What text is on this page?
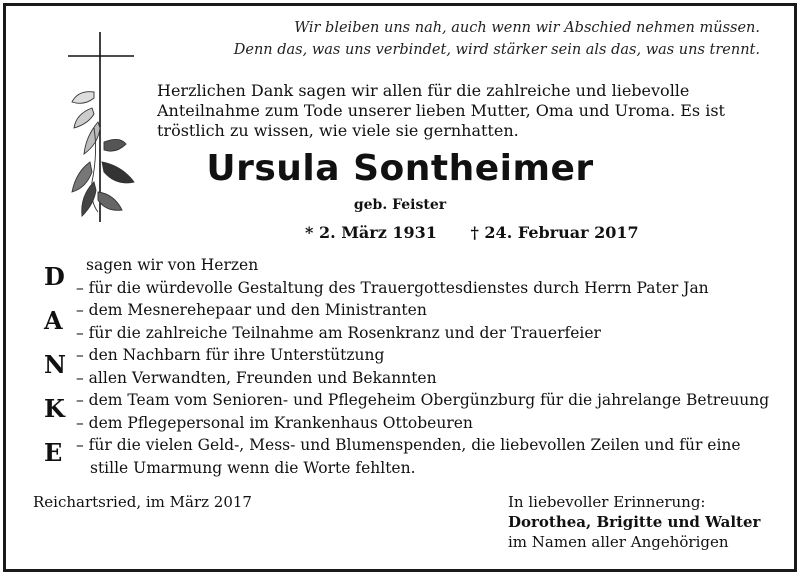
Wir bleiben uns nah, auch wenn wir Abschied nehmen müssen.
Denn das, was uns verbindet, wird stärker sein als das, was uns trennt.
Herzlichen Dank sagen wir allen für die zahlreiche und liebevolle Anteilnahme zum Tode unserer lieben Mutter, Oma und Uroma. Es ist tröstlich zu wissen, wie viele sie gernhatten.
Ursula Sontheimer
geb. Feister
* 2. März 1931 † 24. Februar 2017
D
A
N
K
E
sagen wir von Herzen
– für die würdevolle Gestaltung des Trauergottesdienstes durch Herrn Pater Jan
– dem Mesnerehepaar und den Ministranten
– für die zahlreiche Teilnahme am Rosenkranz und der Trauerfeier
– den Nachbarn für ihre Unterstützung
– allen Verwandten, Freunden und Bekannten
– dem Team vom Senioren- und Pflegeheim Obergünzburg für die jahrelange Betreuung
– dem Pflegepersonal im Krankenhaus Ottobeuren
– für die vielen Geld-, Mess- und Blumenspenden, die liebevollen Zeilen und für eine
stille Umarmung wenn die Worte fehlten.
Reichartsried, im März 2017	In liebevoller Erinnerung:
Dorothea, Brigitte und Walter
im Namen aller Angehörigen
